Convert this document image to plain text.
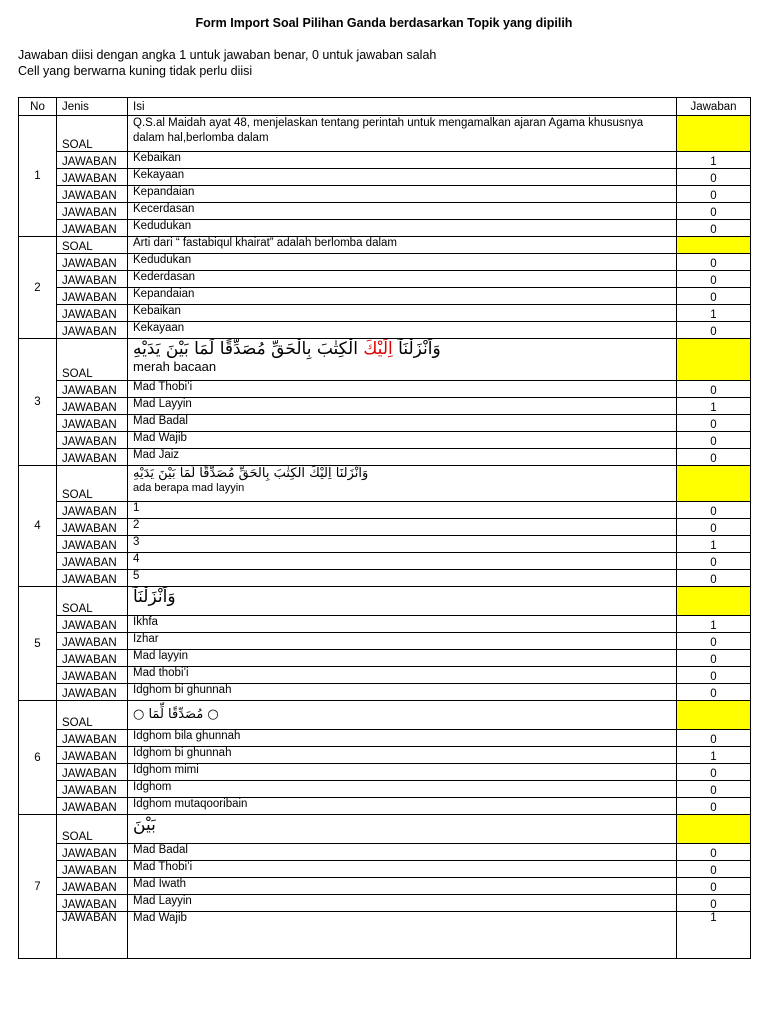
Form Import Soal Pilihan Ganda berdasarkan Topik yang dipilih
Jawaban diisi dengan angka 1 untuk jawaban benar, 0 untuk jawaban salah
Cell yang berwarna kuning tidak perlu diisi
No	Jenis	Isi	Jawaban
1	SOAL	Q.S.al Maidah ayat 48, menjelaskan tentang perintah untuk mengamalkan ajaran Agama khususnya dalam hal,berlomba dalam	
	JAWABAN	Kebaikan	1
	JAWABAN	Kekayaan	0
	JAWABAN	Kepandaian	0
	JAWABAN	Kecerdasan	0
	JAWABAN	Kedudukan	0
2	SOAL	Arti dari “ fastabiqul khairat” adalah berlomba dalam	
	JAWABAN	Kedudukan	0
	JAWABAN	Kederdasan	0
	JAWABAN	Kepandaian	0
	JAWABAN	Kebaikan	1
	JAWABAN	Kekayaan	0
3	SOAL	وَاَنْزَلْنَآ اِلَيْكَ الْكِتٰبَ بِالْحَقِّ مُصَدِّقًا لِّمَا بَيْنَ يَدَيْهِ
merah bacaan	

	JAWABAN	Mad Thobi’i	0
	JAWABAN	Mad Layyin	1
	JAWABAN	Mad Badal	0
	JAWABAN	Mad Wajib	0
	JAWABAN	Mad Jaiz	0
4	SOAL	وَاَنْزَلْنَآ اِلَيْكَ الْكِتٰبَ بِالْحَقِّ مُصَدِّقًا لِّمَا بَيْنَ يَدَيْهِ
ada berapa mad layyin	

	JAWABAN	1	0
	JAWABAN	2	0
	JAWABAN	3	1
	JAWABAN	4	0
	JAWABAN	5	0
5	SOAL	وَاَنْزَلْنَآ	

	JAWABAN	Ikhfa	1
	JAWABAN	Izhar	0
	JAWABAN	Mad layyin	0
	JAWABAN	Mad thobi’i	0
	JAWABAN	Idghom bi ghunnah	0
6	SOAL	○ مُصَدِّقًا لِّمَا ○	

	JAWABAN	Idghom bila ghunnah	0
	JAWABAN	Idghom bi ghunnah	1
	JAWABAN	Idghom mimi	0
	JAWABAN	Idghom	0
	JAWABAN	Idghom mutaqooribain	0
7	SOAL	بَيْنَ	

	JAWABAN	Mad Badal	0
	JAWABAN	Mad Thobi’i	0
	JAWABAN	Mad Iwath	0
	JAWABAN	Mad Layyin	0
	JAWABAN	Mad Wajib	1
